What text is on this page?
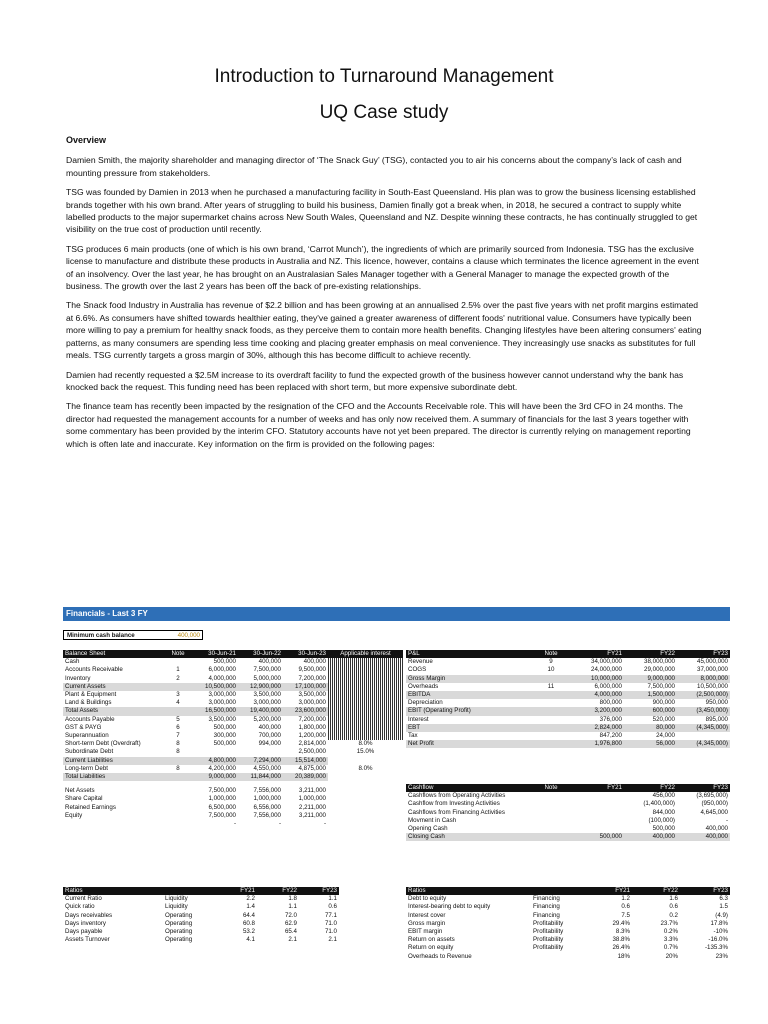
Introduction to Turnaround Management
UQ Case study
Overview

Damien Smith, the majority shareholder and managing director of ‘The Snack Guy’ (TSG), contacted you to air his concerns about the company’s lack of cash and mounting pressure from stakeholders.

TSG was founded by Damien in 2013 when he purchased a manufacturing facility in South-East Queensland. His plan was to grow the business licensing established brands together with his own brand. After years of struggling to build his business, Damien finally got a break when, in 2018, he secured a contract to supply white labelled products to the major supermarket chains across New South Wales, Queensland and NZ. Despite winning these contracts, he has continually struggled to get visibility on the true cost of production until recently.

TSG produces 6 main products (one of which is his own brand, ‘Carrot Munch’), the ingredients of which are primarily sourced from Indonesia. TSG has the exclusive license to manufacture and distribute these products in Australia and NZ. This licence, however, contains a clause which terminates the licence agreement in the event of an insolvency. Over the last year, he has brought on an Australasian Sales Manager together with a General Manager to manage the expected growth of the business. The growth over the last 2 years has been off the back of pre-existing relationships.

The Snack food Industry in Australia has revenue of $2.2 billion and has been growing at an annualised 2.5% over the past five years with net profit margins estimated at 6.6%. As consumers have shifted towards healthier eating, they've gained a greater awareness of different foods' nutritional value. Consumers have typically been more willing to pay a premium for healthy snack foods, as they perceive them to contain more health benefits. Changing lifestyles have been altering consumers' eating patterns, as many consumers are spending less time cooking and placing greater emphasis on meal convenience. They increasingly use snacks as substitutes for full meals. TSG currently targets a gross margin of 30%, although this has become difficult to achieve recently.

Damien had recently requested a $2.5M increase to its overdraft facility to fund the expected growth of the business however cannot understand why the bank has knocked back the request. This funding need has been replaced with short term, but more expensive subordinate debt.

The finance team has recently been impacted by the resignation of the CFO and the Accounts Receivable role. This will have been the 3rd CFO in 24 months. The director had requested the management accounts for a number of weeks and has only now received them. A summary of financials for the last 3 years together with some commentary has been provided by the interim CFO. Statutory accounts have not yet been prepared. The director is currently relying on management reporting which is often late and inaccurate. Key information on the firm is provided on the following pages:

Financials - Last 3 FY
Minimum cash balance	400,000
Balance Sheet	Note	30-Jun-21	30-Jun-22	30-Jun-23	Applicable interest
Cash		500,000	400,000	400,000	
Accounts Receivable	1	6,000,000	7,500,000	9,500,000	
Inventory	2	4,000,000	5,000,000	7,200,000	
Current Assets		10,500,000	12,900,000	17,100,000	
Plant & Equipment	3	3,000,000	3,500,000	3,500,000	
Land & Buildings	4	3,000,000	3,000,000	3,000,000	
Total Assets		16,500,000	19,400,000	23,600,000	
Accounts Payable	5	3,500,000	5,200,000	7,200,000	
GST & PAYG	6	500,000	400,000	1,800,000	
Superannuation	7	300,000	700,000	1,200,000	
Short-term Debt (Overdraft)	8	500,000	994,000	2,814,000	8.0%
Subordinate Debt	8			2,500,000	15.0%
Current Liabilities		4,800,000	7,294,000	15,514,000	
Long-term Debt	8	4,200,000	4,550,000	4,875,000	8.0%
Total Liabilities		9,000,000	11,844,000	20,389,000	

Net Assets		7,500,000	7,556,000	3,211,000	
Share Capital		1,000,000	1,000,000	1,000,000	
Retained Earnings		6,500,000	6,556,000	2,211,000	
Equity		7,500,000	7,556,000	3,211,000	
		-	-	-	
P&L	Note	FY21	FY22	FY23
Revenue	9	34,000,000	38,000,000	45,000,000
COGS	10	24,000,000	29,000,000	37,000,000
Gross Margin		10,000,000	9,000,000	8,000,000
Overheads	11	6,000,000	7,500,000	10,500,000
EBITDA		4,000,000	1,500,000	(2,500,000)
Depreciation		800,000	900,000	950,000
EBIT (Operating Profit)		3,200,000	600,000	(3,450,000)
Interest		376,000	520,000	895,000
EBT		2,824,000	80,000	(4,345,000)
Tax		847,200	24,000	
Net Profit		1,976,800	56,000	(4,345,000)
Cashflow	Note	FY21	FY22	FY23
Cashflows from Operating Activities			456,000	(3,695,000)
Cashflow from Investing Activities			(1,400,000)	(950,000)
Cashflows from Financing Activities			844,000	4,645,000
Movment in Cash			(100,000)	-
Opening Cash			500,000	400,000
Closing Cash		500,000	400,000	400,000
Ratios		FY21	FY22	FY23
Current Ratio	Liquidity	2.2	1.8	1.1
Quick ratio	Liquidity	1.4	1.1	0.6
Days receivables	Operating	64.4	72.0	77.1
Days inventory	Operating	60.8	62.9	71.0
Days payable	Operating	53.2	65.4	71.0
Assets Turnover	Operating	4.1	2.1	2.1
Ratios		FY21	FY22	FY23
Debt to equity	Financing	1.2	1.6	6.3
Interest-bearing debt to equity	Financing	0.6	0.6	1.5
Interest cover	Financing	7.5	0.2	(4.9)
Gross margin	Profitability	29.4%	23.7%	17.8%
EBIT margin	Profitability	8.3%	0.2%	-10%
Return on assets	Profitability	38.8%	3.3%	-16.0%
Return on equity	Profitability	26.4%	0.7%	-135.3%
Overheads to Revenue		18%	20%	23%
